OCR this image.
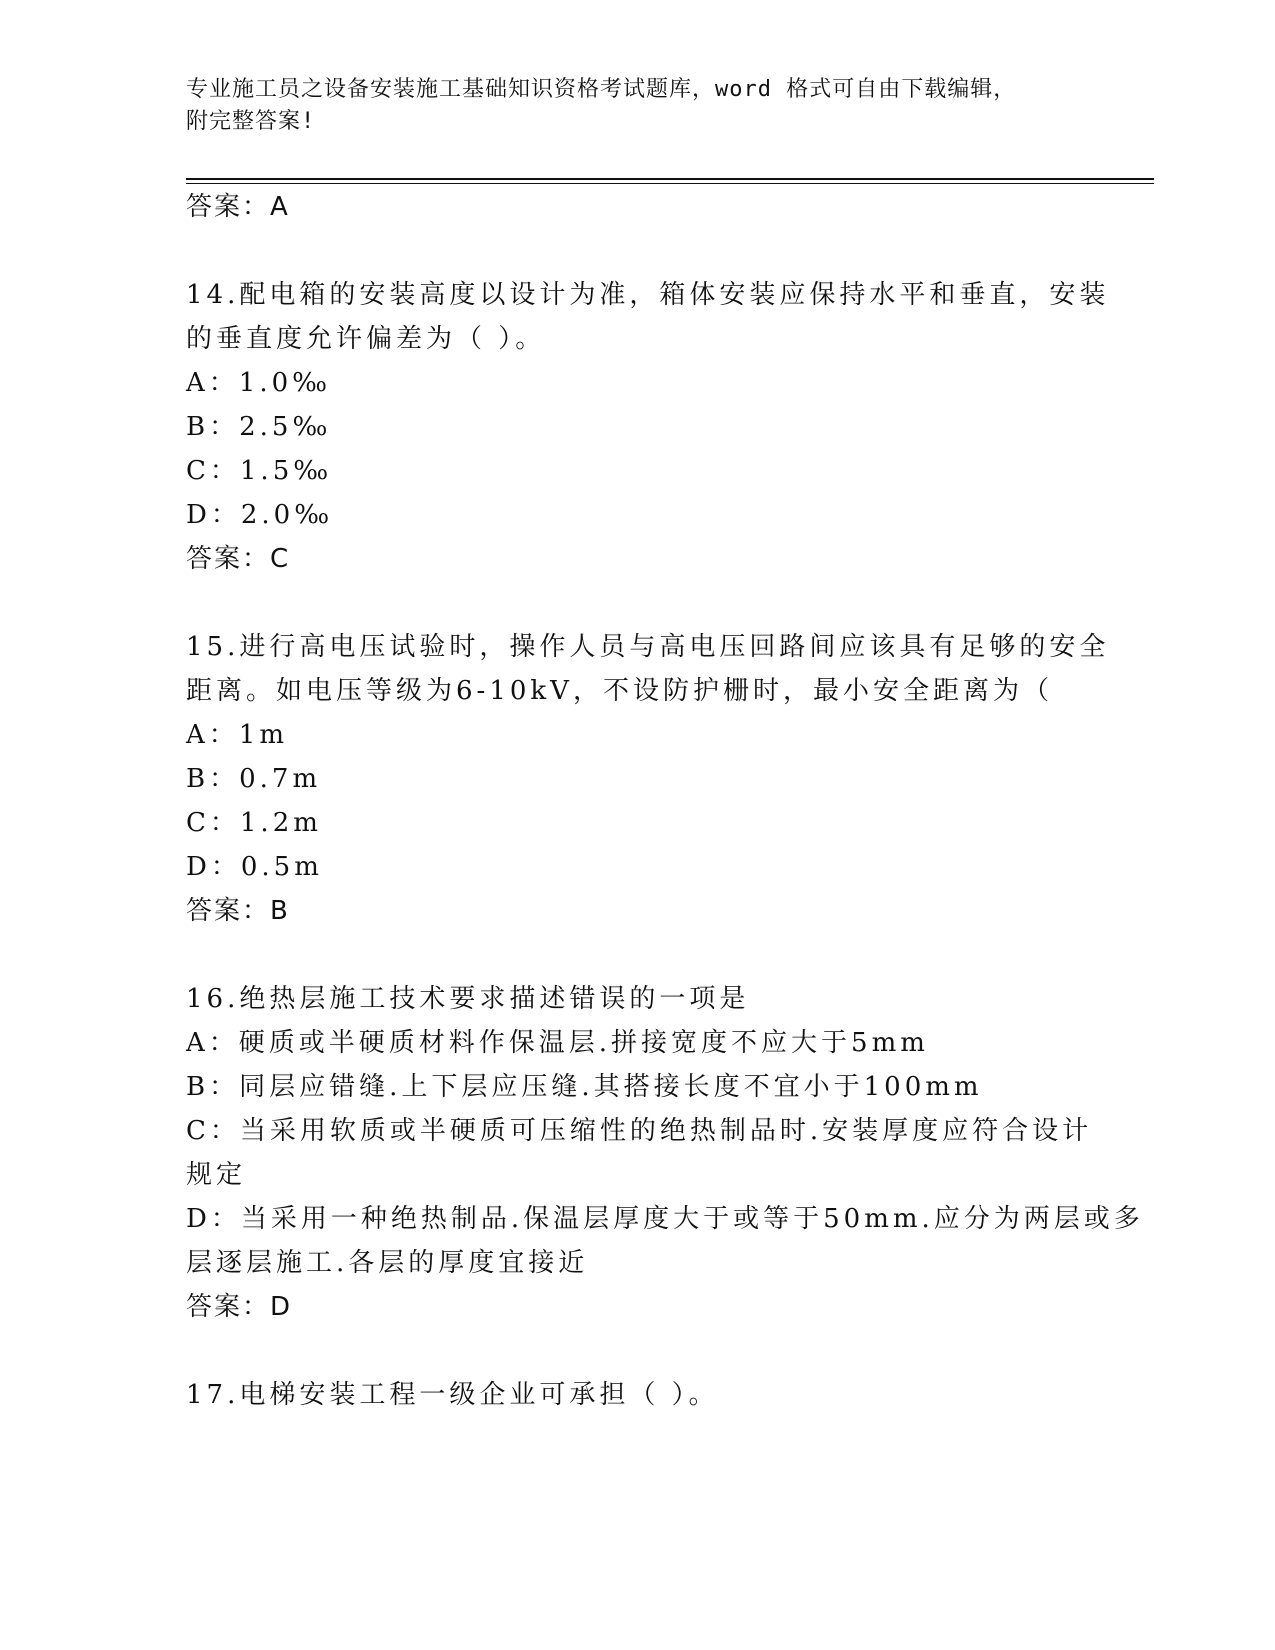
专业施工员之设备安装施工基础知识资格考试题库，word 格式可自由下载编辑，
附完整答案!
答案：A
14.配电箱的安装高度以设计为准，箱体安装应保持水平和垂直，安装
的垂直度允许偏差为（ ）。
A：1.0‰
B：2.5‰
C：1.5‰
D：2.0‰
答案：C
15.进行高电压试验时，操作人员与高电压回路间应该具有足够的安全
距离。如电压等级为6-10kV，不设防护栅时，最小安全距离为（
A：1m
B：0.7m
C：1.2m
D：0.5m
答案：B
16.绝热层施工技术要求描述错误的一项是
A：硬质或半硬质材料作保温层.拼接宽度不应大于5mm
B：同层应错缝.上下层应压缝.其搭接长度不宜小于100mm
C：当采用软质或半硬质可压缩性的绝热制品时.安装厚度应符合设计
规定
D：当采用一种绝热制品.保温层厚度大于或等于50mm.应分为两层或多
层逐层施工.各层的厚度宜接近
答案：D
17.电梯安装工程一级企业可承担（ ）。
